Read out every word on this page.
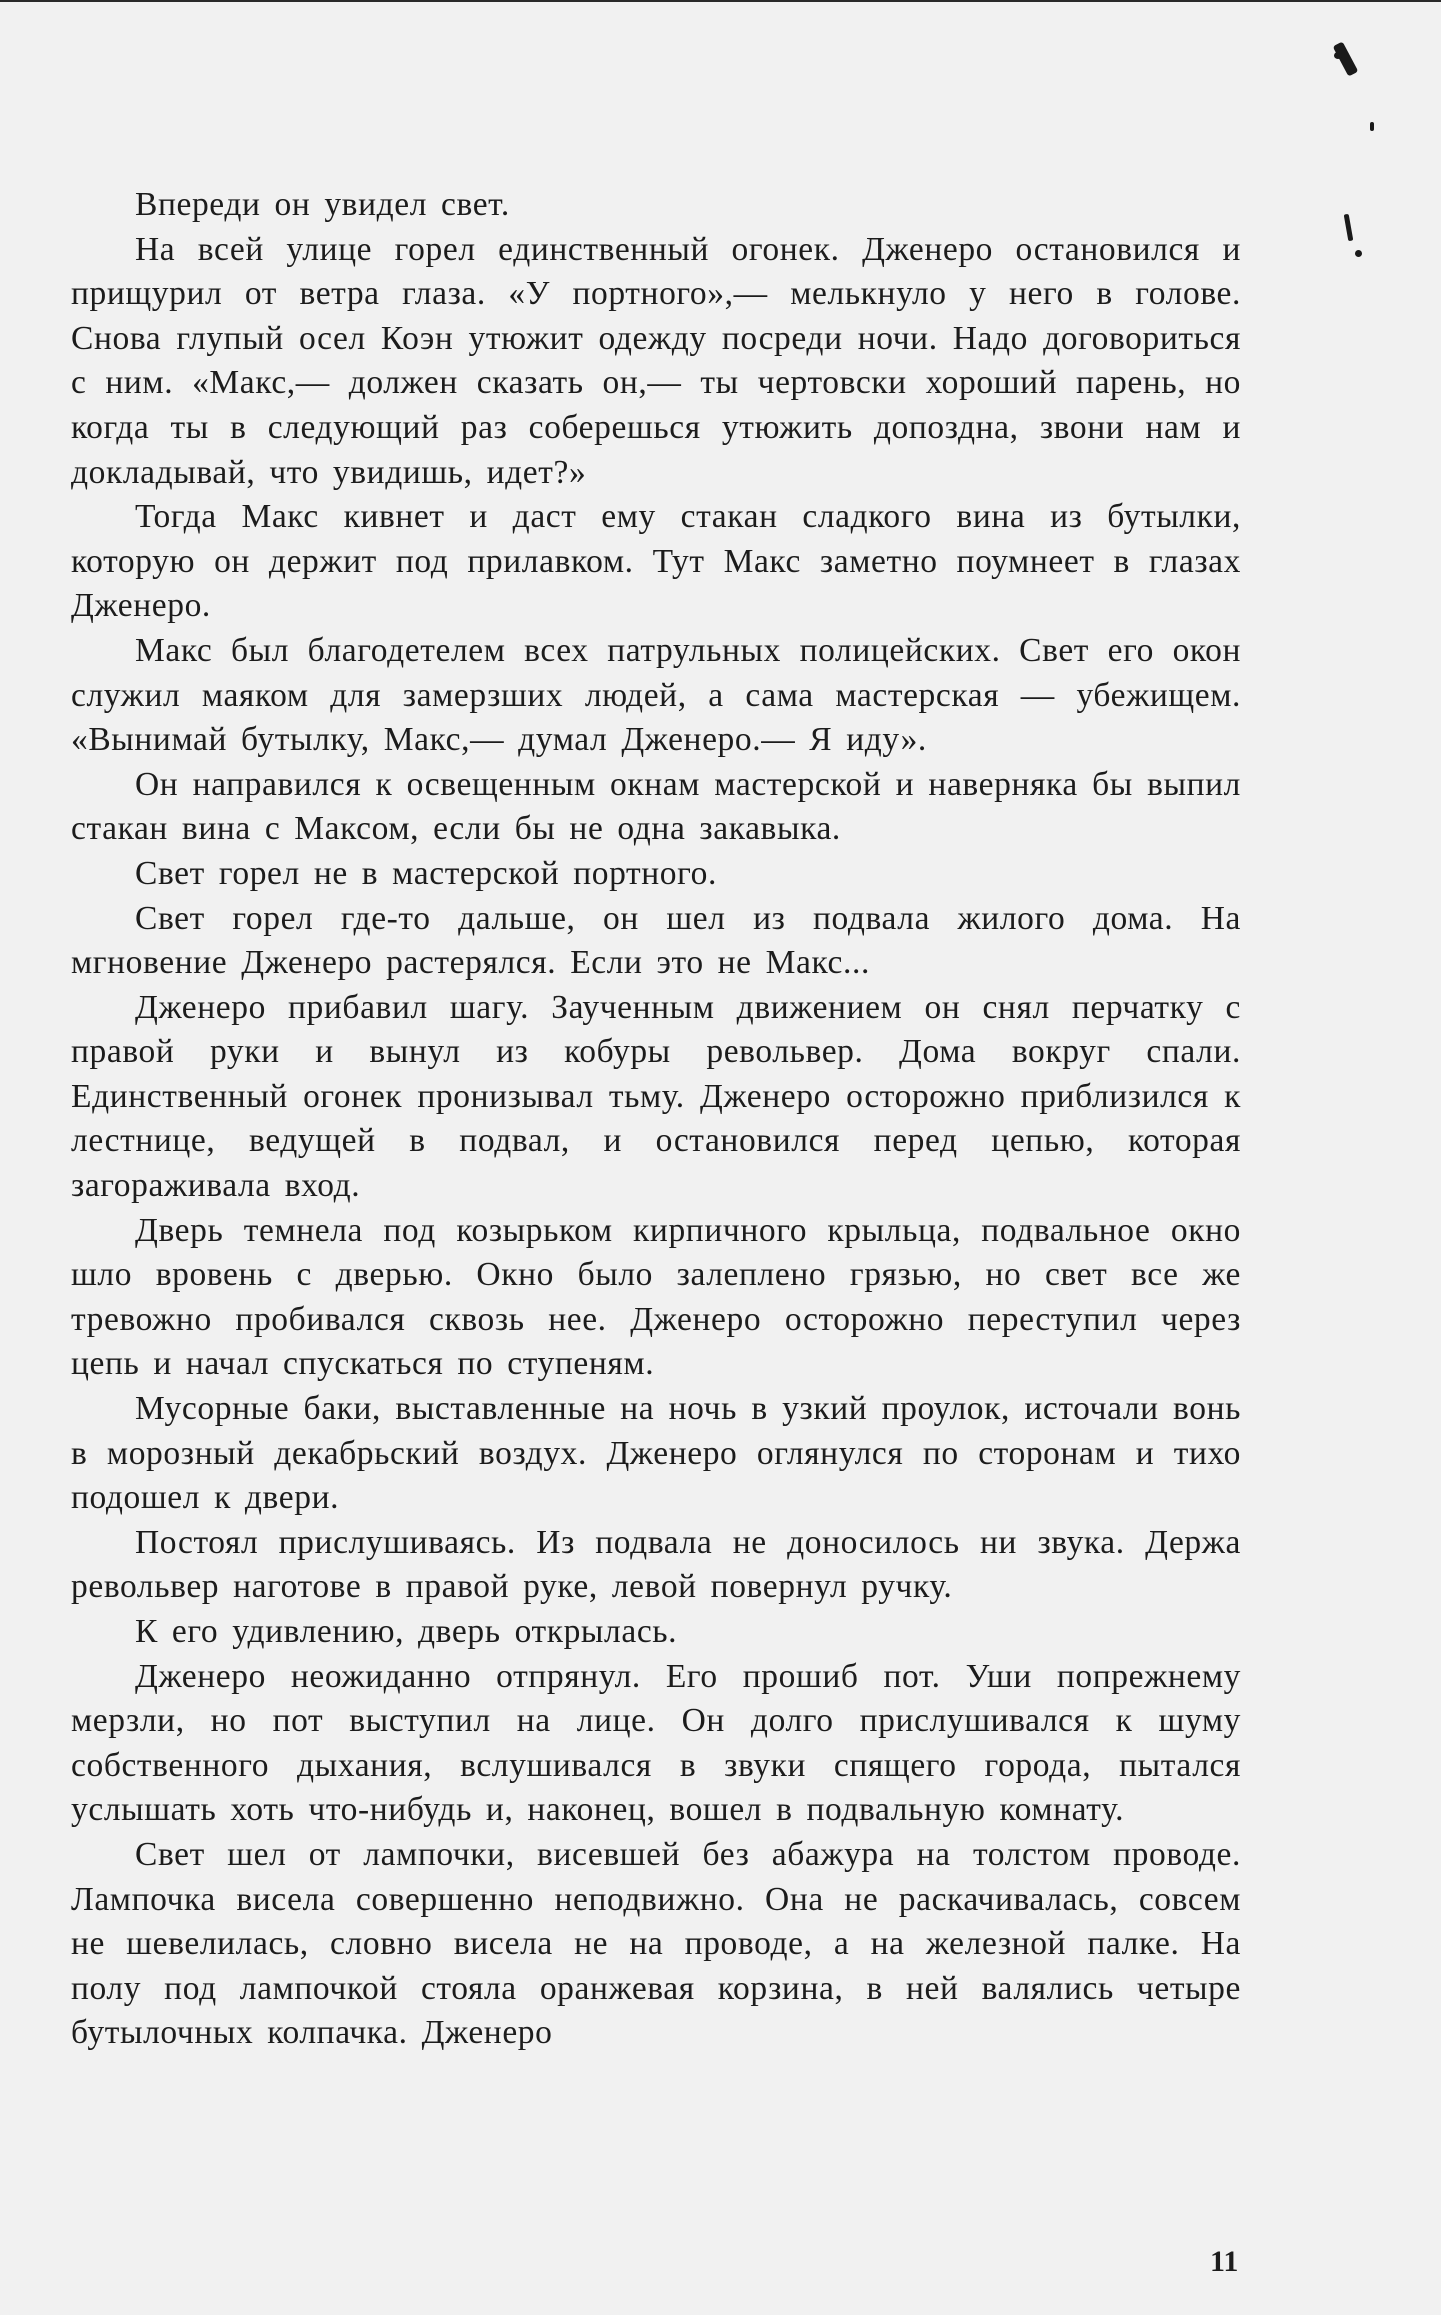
Впереди он увидел свет.

На всей улице горел единственный огонек. Дженеро остановился и прищурил от ветра глаза. «У портного»,— мелькнуло у него в голове. Снова глупый осел Коэн утюжит одежду посреди ночи. Надо договориться с ним. «Макс,— должен сказать он,— ты чертовски хороший парень, но когда ты в следующий раз соберешься утюжить допоздна, звони нам и докладывай, что увидишь, идет?»

Тогда Макс кивнет и даст ему стакан сладкого вина из бутылки, которую он держит под прилавком. Тут Макс заметно поумнеет в глазах Дженеро.

Макс был благодетелем всех патрульных полицейских. Свет его окон служил маяком для замерзших людей, а сама мастерская — убежищем. «Вынимай бутылку, Макс,— думал Дженеро.— Я иду».

Он направился к освещенным окнам мастерской и наверняка бы выпил стакан вина с Максом, если бы не одна закавыка.

Свет горел не в мастерской портного.

Свет горел где-то дальше, он шел из подвала жилого дома. На мгновение Дженеро растерялся. Если это не Макс...

Дженеро прибавил шагу. Заученным движением он снял перчатку с правой руки и вынул из кобуры револьвер. Дома вокруг спали. Единственный огонек пронизывал тьму. Дженеро осторожно приблизился к лестнице, ведущей в подвал, и остановился перед цепью, которая загораживала вход.

Дверь темнела под козырьком кирпичного крыльца, подвальное окно шло вровень с дверью. Окно было залеплено грязью, но свет все же тревожно пробивался сквозь нее. Дженеро осторожно переступил через цепь и начал спускаться по ступеням.

Мусорные баки, выставленные на ночь в узкий проулок, источали вонь в морозный декабрьский воздух. Дженеро оглянулся по сторонам и тихо подошел к двери.

Постоял прислушиваясь. Из подвала не доносилось ни звука. Держа револьвер наготове в правой руке, левой повернул ручку.

К его удивлению, дверь открылась.

Дженеро неожиданно отпрянул. Его прошиб пот. Уши попрежнему мерзли, но пот выступил на лице. Он долго прислушивался к шуму собственного дыхания, вслушивался в звуки спящего города, пытался услышать хоть что-нибудь и, наконец, вошел в подвальную комнату.

Свет шел от лампочки, висевшей без абажура на толстом проводе. Лампочка висела совершенно неподвижно. Она не раскачивалась, совсем не шевелилась, словно висела не на проводе, а на железной палке. На полу под лампочкой стояла оранжевая корзина, в ней валялись четыре бутылочных колпачка. Дженеро

11
